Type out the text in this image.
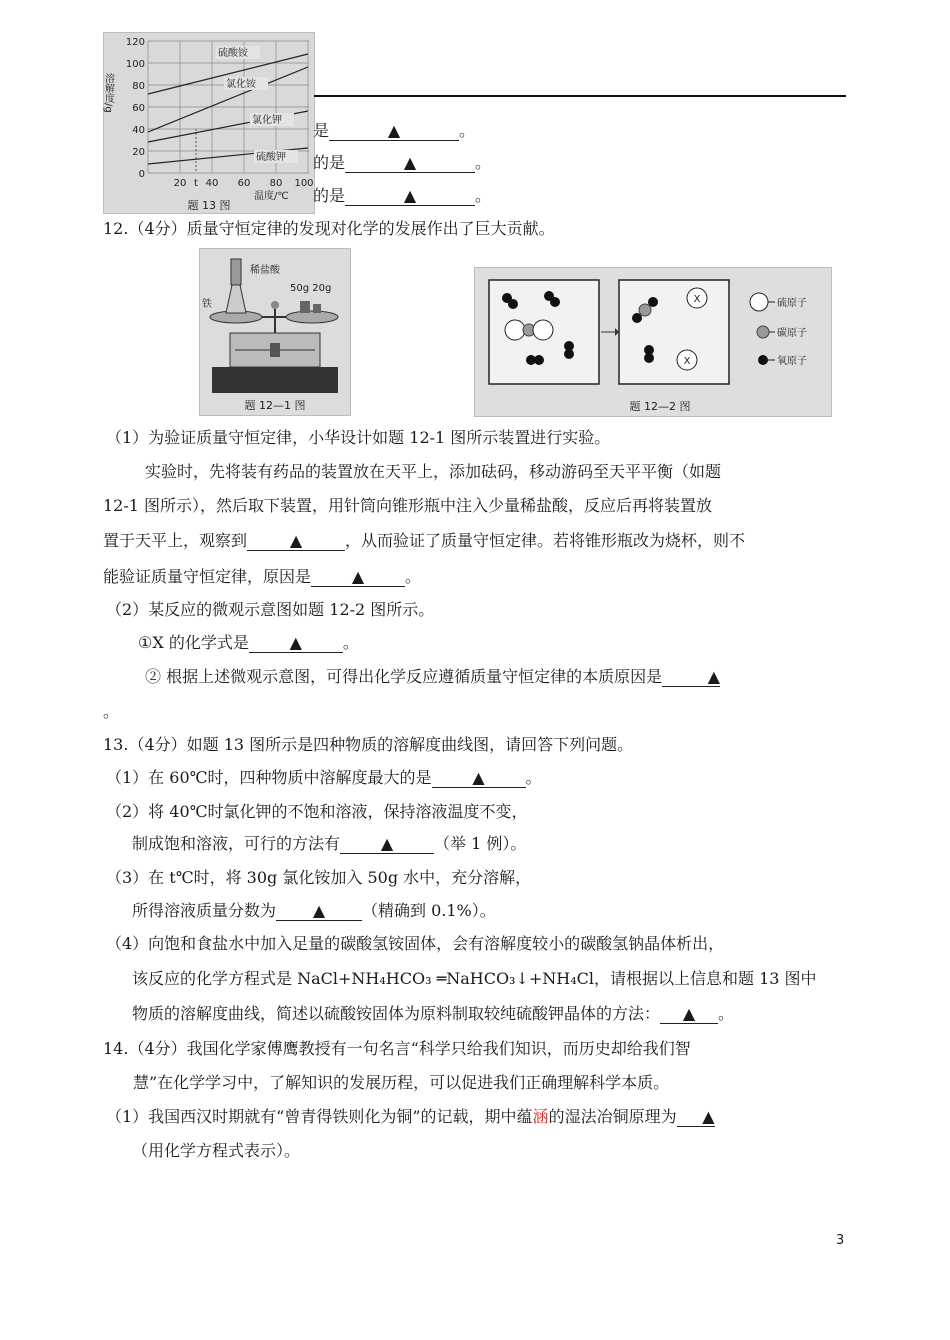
120
100
80
60
40
20
0
20 t 40 60 80 100
溶解度/g
温度/℃
硫酸铵
氯化铵
氯化钾
硫酸钾
题 13 图
是	▲	。
的是	▲	。
的是	▲	。
12.（4分）质量守恒定律的发现对化学的发展作出了巨大贡献。
稀盐酸
铁
50g 20g
题 12—1 图
X
X
硫原子
碳原子
氧原子
题 12—2 图
（1）为验证质量守恒定律，小华设计如题 12-1 图所示装置进行实验。
实验时，先将装有药品的装置放在天平上，添加砝码，移动游码至天平平衡（如题
12-1 图所示），然后取下装置，用针筒向锥形瓶中注入少量稀盐酸，反应后再将装置放
置于天平上，观察到	▲	，从而验证了质量守恒定律。若将锥形瓶改为烧杯，则不
能验证质量守恒定律，原因是	▲	。
（2）某反应的微观示意图如题 12-2 图所示。
①X 的化学式是	▲	。
② 根据上述微观示意图，可得出化学反应遵循质量守恒定律的本质原因是	▲
。
13.（4分）如题 13 图所示是四种物质的溶解度曲线图，请回答下列问题。
（1）在 60℃时，四种物质中溶解度最大的是	▲	。
（2）将 40℃时氯化钾的不饱和溶液，保持溶液温度不变，
制成饱和溶液，可行的方法有	▲	（举 1 例）。
（3）在 t℃时，将 30g 氯化铵加入 50g 水中，充分溶解，
所得溶液质量分数为 ▲ （精确到 0.1%）。
（4）向饱和食盐水中加入足量的碳酸氢铵固体，会有溶解度较小的碳酸氢钠晶体析出，
该反应的化学方程式是 NaCl+NH₄HCO₃ ═NaHCO₃↓+NH₄Cl，请根据以上信息和题 13 图中
物质的溶解度曲线，简述以硫酸铵固体为原料制取较纯硫酸钾晶体的方法： ▲ 。
14.（4分）我国化学家傅鹰教授有一句名言“科学只给我们知识，而历史却给我们智
慧”在化学学习中，了解知识的发展历程，可以促进我们正确理解科学本质。
（1）我国西汉时期就有“曾青得铁则化为铜”的记载，期中蕴涵的湿法冶铜原理为 ▲
（用化学方程式表示）。
3
